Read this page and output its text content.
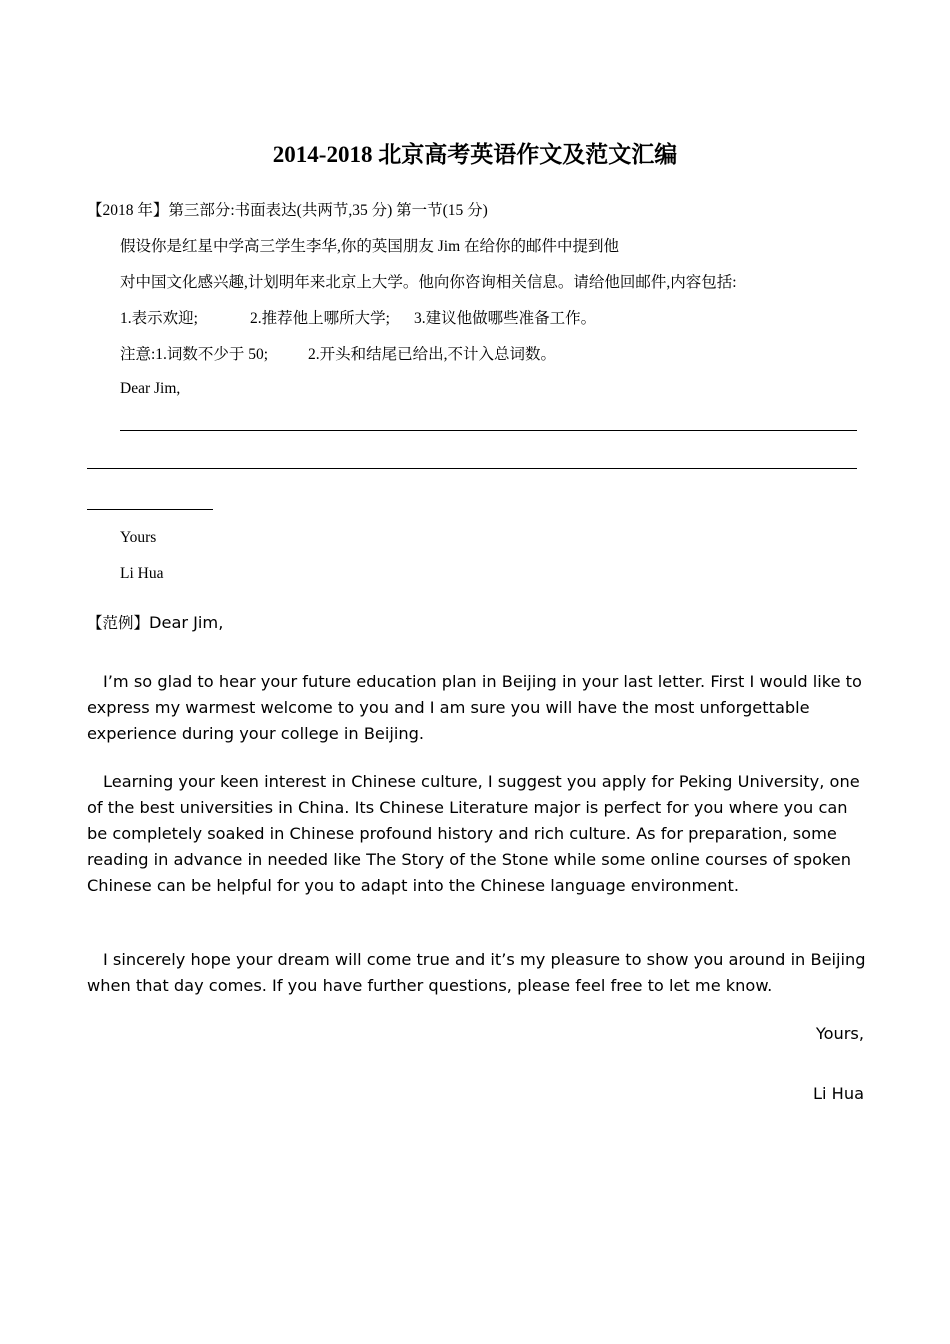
2014-2018 北京高考英语作文及范文汇编
【2018 年】第三部分:书面表达(共两节,35 分) 第一节(15 分)
假设你是红星中学高三学生李华,你的英国朋友 Jim 在给你的邮件中提到他
对中国文化感兴趣,计划明年来北京上大学。他向你咨询相关信息。请给他回邮件,内容包括:
1.表示欢迎;	2.推荐他上哪所大学; 3.建议他做哪些准备工作。
注意:1.词数不少于 50;	2.开头和结尾已给出,不计入总词数。
Dear Jim,
Yours
Li Hua
【范例】Dear Jim,
I’m so glad to hear your future education plan in Beijing in your last letter. First I would like to express my warmest welcome to you and I am sure you will have the most unforgettable experience during your college in Beijing.
Learning your keen interest in Chinese culture, I suggest you apply for Peking University, one of the best universities in China. Its Chinese Literature major is perfect for you where you can be completely soaked in Chinese profound history and rich culture. As for preparation, some reading in advance in needed like The Story of the Stone while some online courses of spoken Chinese can be helpful for you to adapt into the Chinese language environment.
I sincerely hope your dream will come true and it’s my pleasure to show you around in Beijing when that day comes. If you have further questions, please feel free to let me know.
Yours,
Li Hua
